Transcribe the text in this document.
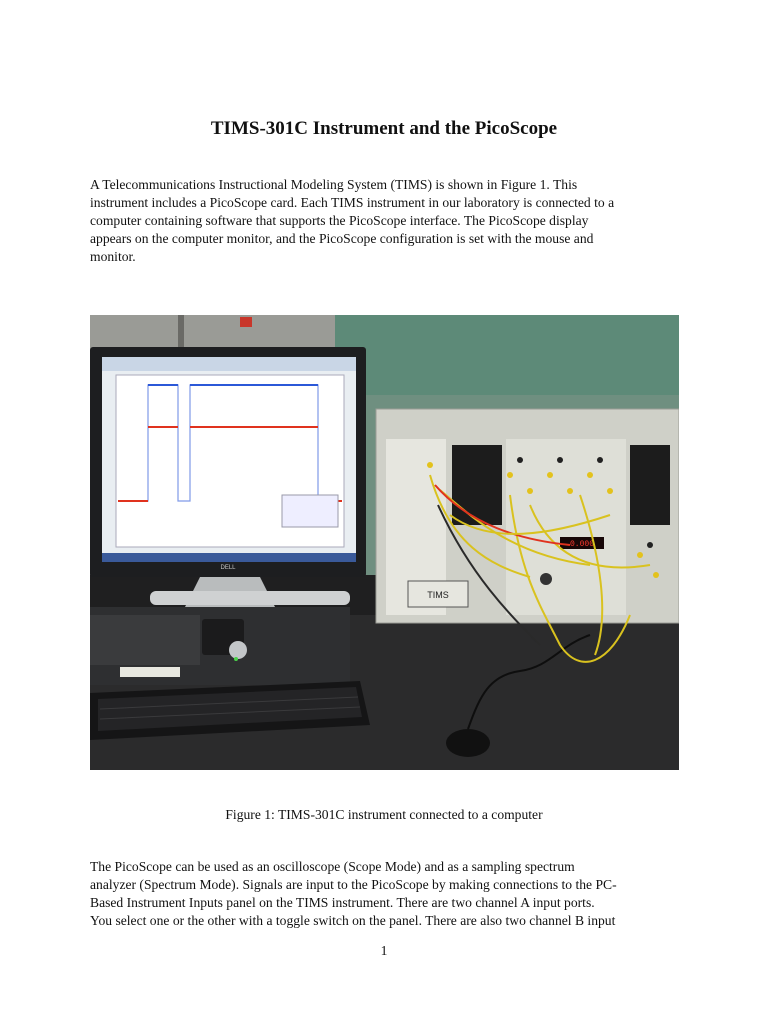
TIMS-301C Instrument and the PicoScope
A Telecommunications Instructional Modeling System (TIMS) is shown in Figure 1. This
instrument includes a PicoScope card. Each TIMS instrument in our laboratory is connected to a
computer containing software that supports the PicoScope interface. The PicoScope display
appears on the computer monitor, and the PicoScope configuration is set with the mouse and
monitor.
DELL
0.000
TIMS
Figure 1: TIMS-301C instrument connected to a computer
The PicoScope can be used as an oscilloscope (Scope Mode) and as a sampling spectrum
analyzer (Spectrum Mode). Signals are input to the PicoScope by making connections to the PC-
Based Instrument Inputs panel on the TIMS instrument. There are two channel A input ports.
You select one or the other with a toggle switch on the panel. There are also two channel B input
1
